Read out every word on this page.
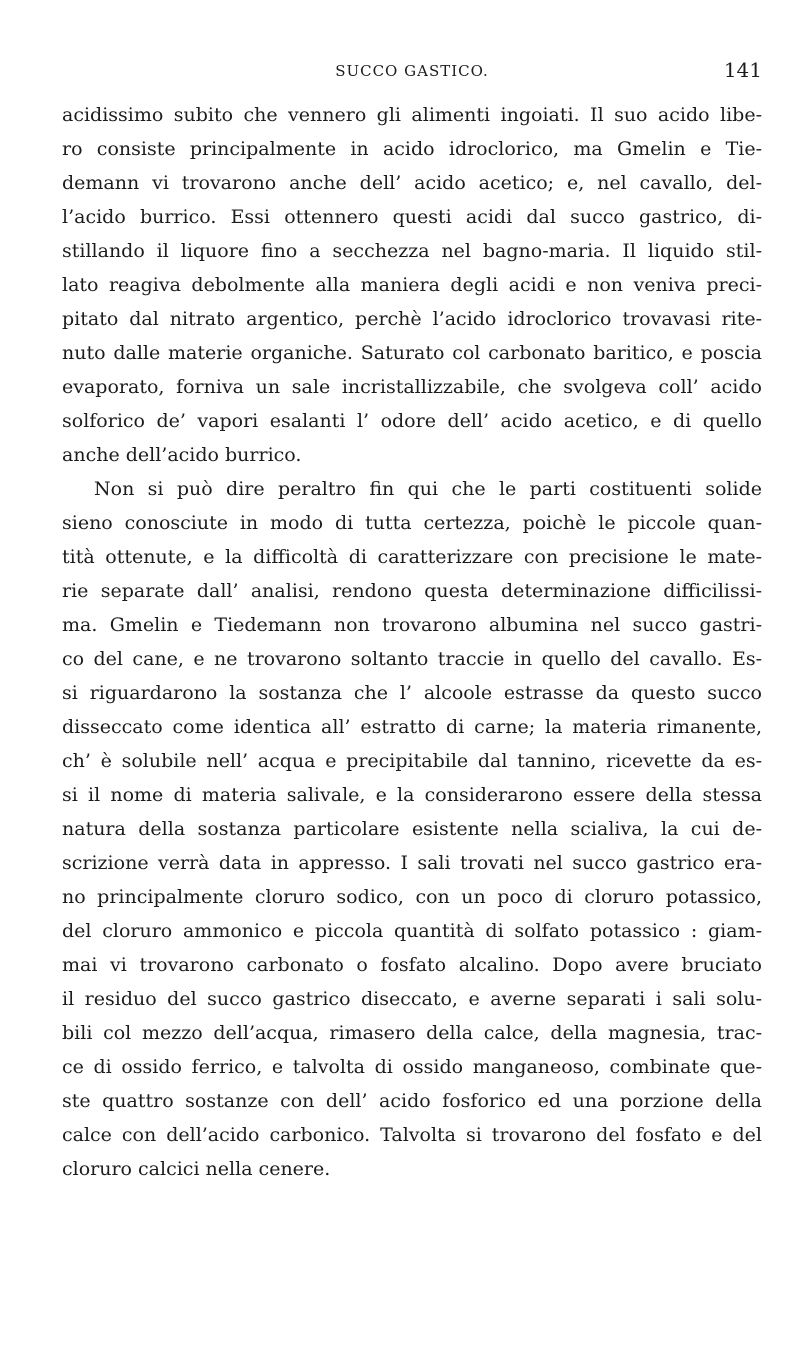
SUCCO GASTICO.	141
acidissimo subito che vennero gli alimenti ingoiati. Il suo acido libe-
ro consiste principalmente in acido idroclorico, ma Gmelin e Tie-
demann vi trovarono anche dell’ acido acetico; e, nel cavallo, del-
l’acido burrico. Essi ottennero questi acidi dal succo gastrico, di-
stillando il liquore fino a secchezza nel bagno-maria. Il liquido stil-
lato reagiva debolmente alla maniera degli acidi e non veniva preci-
pitato dal nitrato argentico, perchè l’acido idroclorico trovavasi rite-
nuto dalle materie organiche. Saturato col carbonato baritico, e poscia
evaporato, forniva un sale incristallizzabile, che svolgeva coll’ acido
solforico de’ vapori esalanti l’ odore dell’ acido acetico, e di quello
anche dell’acido burrico.
Non si può dire peraltro fin qui che le parti costituenti solide
sieno conosciute in modo di tutta certezza, poichè le piccole quan-
tità ottenute, e la difficoltà di caratterizzare con precisione le mate-
rie separate dall’ analisi, rendono questa determinazione difficilissi-
ma. Gmelin e Tiedemann non trovarono albumina nel succo gastri-
co del cane, e ne trovarono soltanto traccie in quello del cavallo. Es-
si riguardarono la sostanza che l’ alcoole estrasse da questo succo
disseccato come identica all’ estratto di carne; la materia rimanente,
ch’ è solubile nell’ acqua e precipitabile dal tannino, ricevette da es-
si il nome di materia salivale, e la considerarono essere della stessa
natura della sostanza particolare esistente nella scialiva, la cui de-
scrizione verrà data in appresso. I sali trovati nel succo gastrico era-
no principalmente cloruro sodico, con un poco di cloruro potassico,
del cloruro ammonico e piccola quantità di solfato potassico : giam-
mai vi trovarono carbonato o fosfato alcalino. Dopo avere bruciato
il residuo del succo gastrico diseccato, e averne separati i sali solu-
bili col mezzo dell’acqua, rimasero della calce, della magnesia, trac-
ce di ossido ferrico, e talvolta di ossido manganeoso, combinate que-
ste quattro sostanze con dell’ acido fosforico ed una porzione della
calce con dell’acido carbonico. Talvolta si trovarono del fosfato e del
cloruro calcici nella cenere.
